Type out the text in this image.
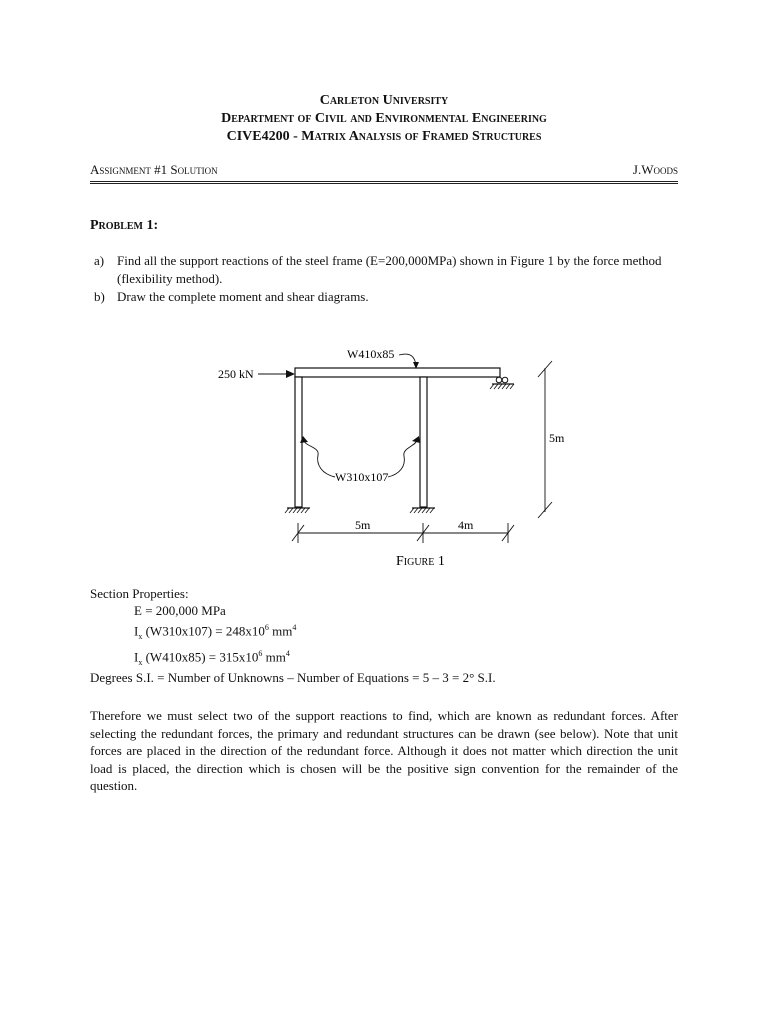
Carleton University
Department of Civil and Environmental Engineering
CIVE4200 - Matrix Analysis of Framed Structures
Assignment #1 Solution	J.Woods
Problem 1:
a) Find all the support reactions of the steel frame (E=200,000MPa) shown in Figure 1 by the force method (flexibility method).
b) Draw the complete moment and shear diagrams.
250 kN
W410x85
W310x107
5m
5m	4m
Figure 1
Section Properties:
E = 200,000 MPa
$I_x$ $(W310x107) = 248x10^6$ $mm^4$
$I_x$ $(W410x85) = 315x10^6$ $mm^4$
Degrees S.I. = Number of Unknowns – Number of Equations = 5 – 3 = 2° S.I.
Therefore we must select two of the support reactions to find, which are known as redundant forces. After selecting the redundant forces, the primary and redundant structures can be drawn (see below). Note that unit forces are placed in the direction of the redundant force. Although it does not matter which direction the unit load is placed, the direction which is chosen will be the positive sign convention for the remainder of the question.
